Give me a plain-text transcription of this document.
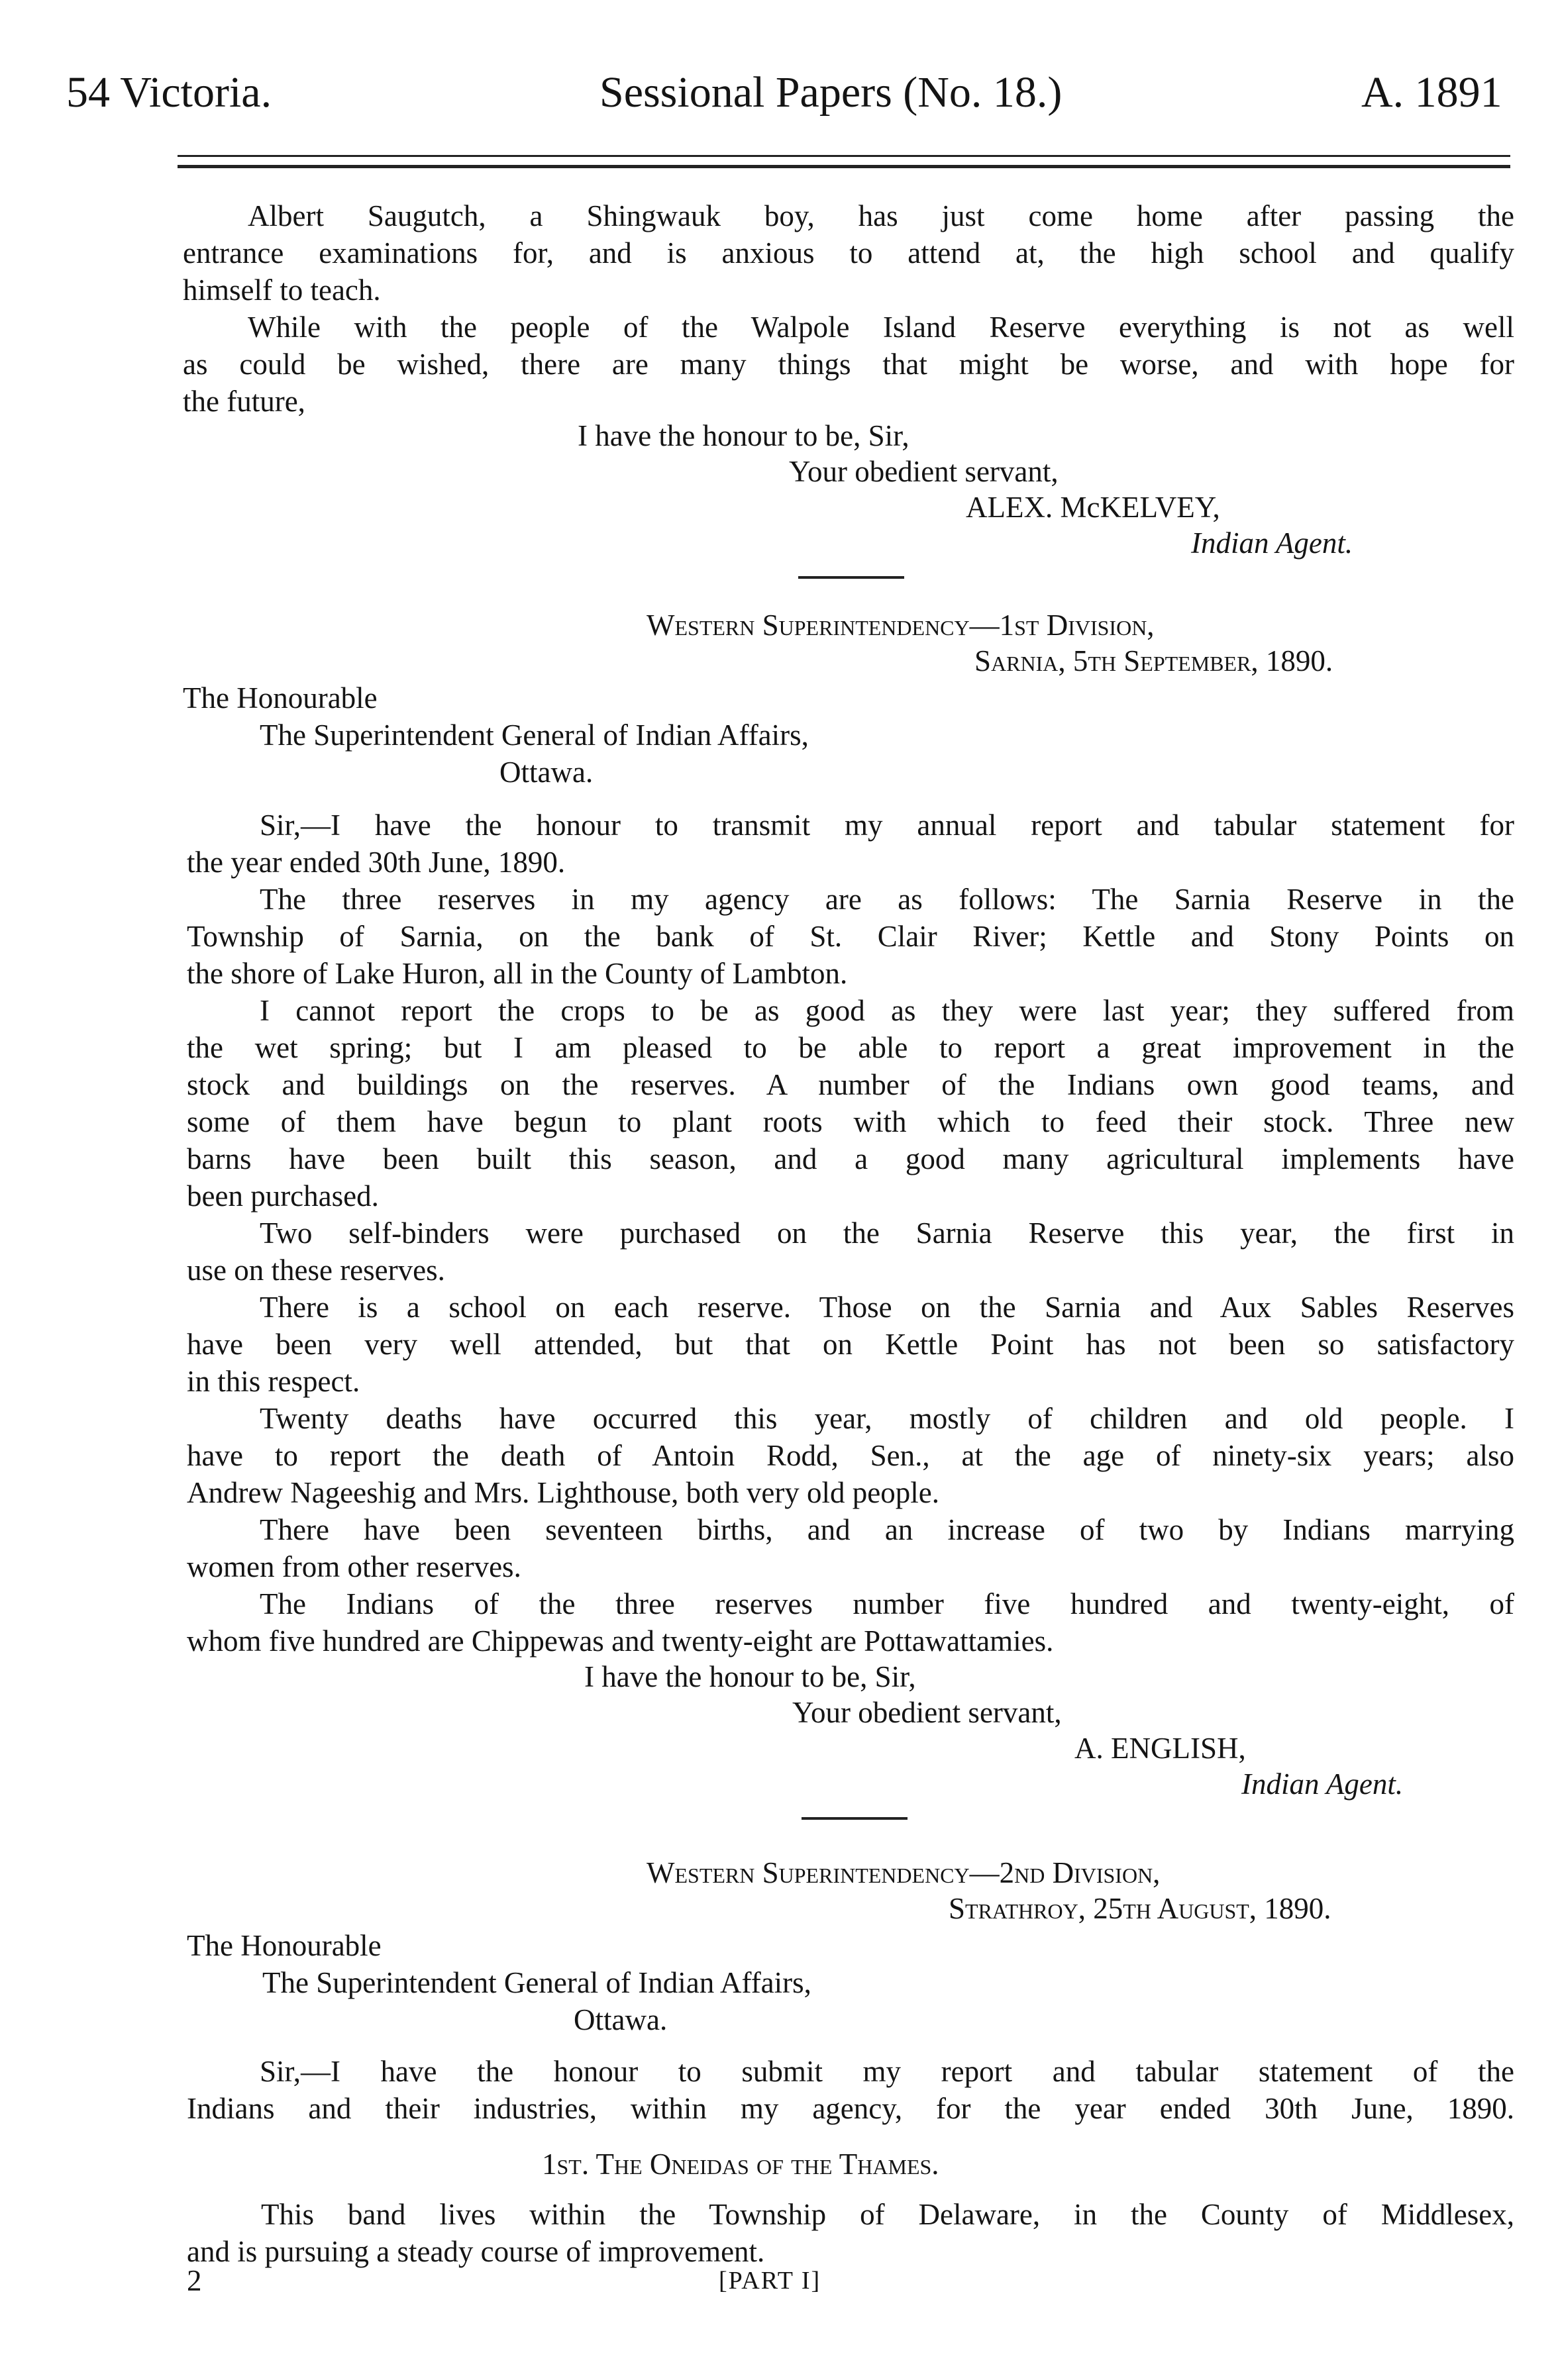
54 Victoria.	Sessional Papers (No. 18.)	A. 1891
Albert Saugutch, a Shingwauk boy, has just come home after passing the
entrance examinations for, and is anxious to attend at, the high school and qualify
himself to teach.
While with the people of the Walpole Island Reserve everything is not as well
as could be wished, there are many things that might be worse, and with hope for
the future,
I have the honour to be, Sir,
Your obedient servant,
ALEX. McKELVEY,
Indian Agent.
Western Superintendency—1st Division,
Sarnia, 5th September, 1890.
The Honourable
The Superintendent General of Indian Affairs,
Ottawa.
Sir,—I have the honour to transmit my annual report and tabular statement for
the year ended 30th June, 1890.
The three reserves in my agency are as follows: The Sarnia Reserve in the
Township of Sarnia, on the bank of St. Clair River; Kettle and Stony Points on
the shore of Lake Huron, all in the County of Lambton.
I cannot report the crops to be as good as they were last year; they suffered from
the wet spring; but I am pleased to be able to report a great improvement in the
stock and buildings on the reserves. A number of the Indians own good teams, and
some of them have begun to plant roots with which to feed their stock. Three new
barns have been built this season, and a good many agricultural implements have
been purchased.
Two self-binders were purchased on the Sarnia Reserve this year, the first in
use on these reserves.
There is a school on each reserve. Those on the Sarnia and Aux Sables Reserves
have been very well attended, but that on Kettle Point has not been so satisfactory
in this respect.
Twenty deaths have occurred this year, mostly of children and old people. I
have to report the death of Antoin Rodd, Sen., at the age of ninety-six years; also
Andrew Nageeshig and Mrs. Lighthouse, both very old people.
There have been seventeen births, and an increase of two by Indians marrying
women from other reserves.
The Indians of the three reserves number five hundred and twenty-eight, of
whom five hundred are Chippewas and twenty-eight are Pottawattamies.
I have the honour to be, Sir,
Your obedient servant,
A. ENGLISH,
Indian Agent.
Western Superintendency—2nd Division,
Strathroy, 25th August, 1890.
The Honourable
The Superintendent General of Indian Affairs,
Ottawa.
Sir,—I have the honour to submit my report and tabular statement of the
Indians and their industries, within my agency, for the year ended 30th June, 1890.
1st. The Oneidas of the Thames.
This band lives within the Township of Delaware, in the County of Middlesex,
and is pursuing a steady course of improvement.
2	[PART I]
